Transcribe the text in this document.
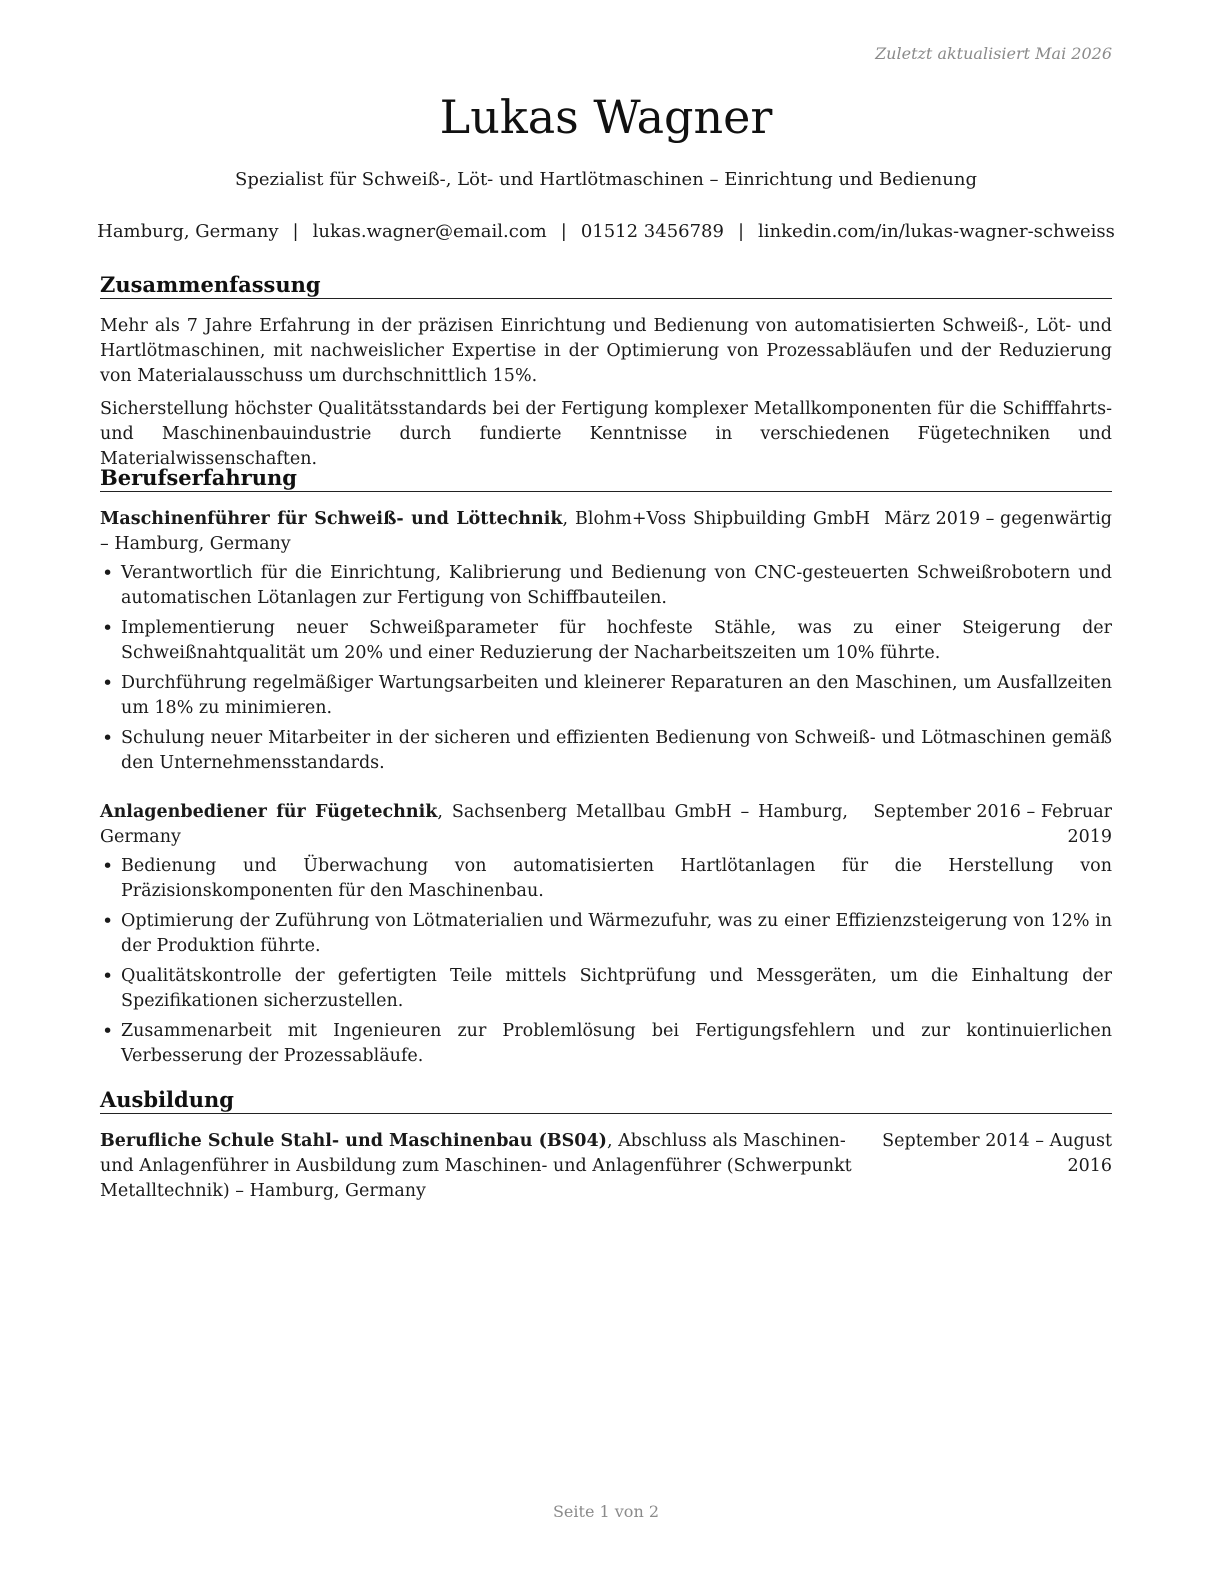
Zuletzt aktualisiert Mai 2026
Lukas Wagner
Spezialist für Schweiß-, Löt- und Hartlötmaschinen – Einrichtung und Bedienung
Hamburg, Germany | lukas.wagner@email.com | 01512 3456789 | linkedin.com/in/lukas-wagner-schweiss
Zusammenfassung

Mehr als 7 Jahre Erfahrung in der präzisen Einrichtung und Bedienung von automatisierten Schweiß-, Löt- und Hartlötmaschinen, mit nachweislicher Expertise in der Optimierung von Prozessabläufen und der Reduzierung von Materialausschuss um durchschnittlich 15%.

Sicherstellung höchster Qualitätsstandards bei der Fertigung komplexer Metallkomponenten für die Schifffahrts- und Maschinenbauindustrie durch fundierte Kenntnisse in verschiedenen Fügetechniken und Materialwissenschaften.

Berufserfahrung
Maschinenführer für Schweiß- und Löttechnik, Blohm+Voss Shipbuilding GmbH – Hamburg, Germany
März 2019 – gegenwärtig
• Verantwortlich für die Einrichtung, Kalibrierung und Bedienung von CNC-gesteuerten Schweißrobotern und automatischen Lötanlagen zur Fertigung von Schiffbauteilen.
• Implementierung neuer Schweißparameter für hochfeste Stähle, was zu einer Steigerung der Schweißnahtqualität um 20% und einer Reduzierung der Nacharbeitszeiten um 10% führte.
• Durchführung regelmäßiger Wartungsarbeiten und kleinerer Reparaturen an den Maschinen, um Ausfallzeiten um 18% zu minimieren.
• Schulung neuer Mitarbeiter in der sicheren und effizienten Bedienung von Schweiß- und Lötmaschinen gemäß den Unternehmensstandards.
Anlagenbediener für Fügetechnik, Sachsenberg Metallbau GmbH – Hamburg, Germany
September 2016 – Februar 2019
• Bedienung und Überwachung von automatisierten Hartlötanlagen für die Herstellung von Präzisionskomponenten für den Maschinenbau.
• Optimierung der Zuführung von Lötmaterialien und Wärmezufuhr, was zu einer Effizienzsteigerung von 12% in der Produktion führte.
• Qualitätskontrolle der gefertigten Teile mittels Sichtprüfung und Messgeräten, um die Einhaltung der Spezifikationen sicherzustellen.
• Zusammenarbeit mit Ingenieuren zur Problemlösung bei Fertigungsfehlern und zur kontinuierlichen Verbesserung der Prozessabläufe.
Ausbildung
Berufliche Schule Stahl- und Maschinenbau (BS04), Abschluss als Maschinen- und Anlagenführer in Ausbildung zum Maschinen- und Anlagenführer (Schwerpunkt Metalltechnik) – Hamburg, Germany
September 2014 – August 2016
Seite 1 von 2
